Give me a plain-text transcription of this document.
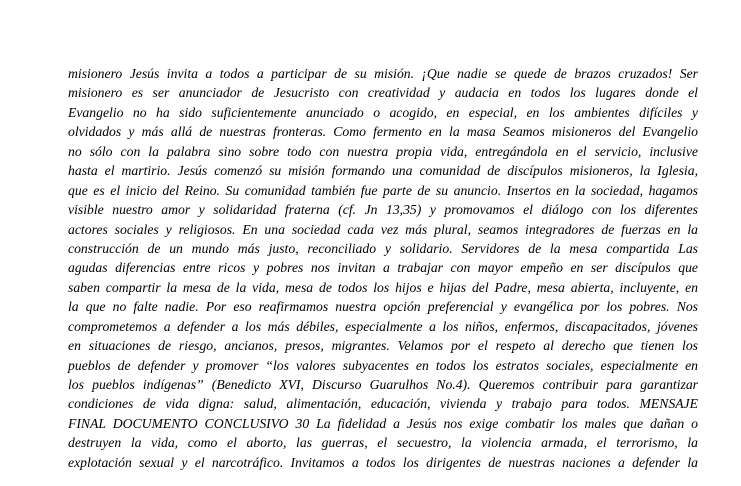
misionero Jesús invita a todos a participar de su misión. ¡Que nadie se quede de brazos cruzados! Ser
misionero es ser anunciador de Jesucristo con creatividad y audacia en todos los lugares donde el
Evangelio no ha sido suficientemente anunciado o acogido, en especial, en los ambientes difíciles y
olvidados y más allá de nuestras fronteras. Como fermento en la masa Seamos misioneros del Evangelio
no sólo con la palabra sino sobre todo con nuestra propia vida, entregándola en el servicio, inclusive
hasta el martirio. Jesús comenzó su misión formando una comunidad de discípulos misioneros, la Iglesia,
que es el inicio del Reino. Su comunidad también fue parte de su anuncio. Insertos en la sociedad, hagamos
visible nuestro amor y solidaridad fraterna (cf. Jn 13,35) y promovamos el diálogo con los diferentes
actores sociales y religiosos. En una sociedad cada vez más plural, seamos integradores de fuerzas en la
construcción de un mundo más justo, reconciliado y solidario. Servidores de la mesa compartida Las
agudas diferencias entre ricos y pobres nos invitan a trabajar con mayor empeño en ser discípulos que
saben compartir la mesa de la vida, mesa de todos los hijos e hijas del Padre, mesa abierta, incluyente, en
la que no falte nadie. Por eso reafirmamos nuestra opción preferencial y evangélica por los pobres. Nos
comprometemos a defender a los más débiles, especialmente a los niños, enfermos, discapacitados, jóvenes
en situaciones de riesgo, ancianos, presos, migrantes. Velamos por el respeto al derecho que tienen los
pueblos de defender y promover “los valores subyacentes en todos los estratos sociales, especialmente en
los pueblos indígenas” (Benedicto XVI, Discurso Guarulhos No.4). Queremos contribuir para garantizar
condiciones de vida digna: salud, alimentación, educación, vivienda y trabajo para todos. MENSAJE
FINAL DOCUMENTO CONCLUSIVO 30 La fidelidad a Jesús nos exige combatir los males que dañan o
destruyen la vida, como el aborto, las guerras, el secuestro, la violencia armada, el terrorismo, la
explotación sexual y el narcotráfico. Invitamos a todos los dirigentes de nuestras naciones a defender la
